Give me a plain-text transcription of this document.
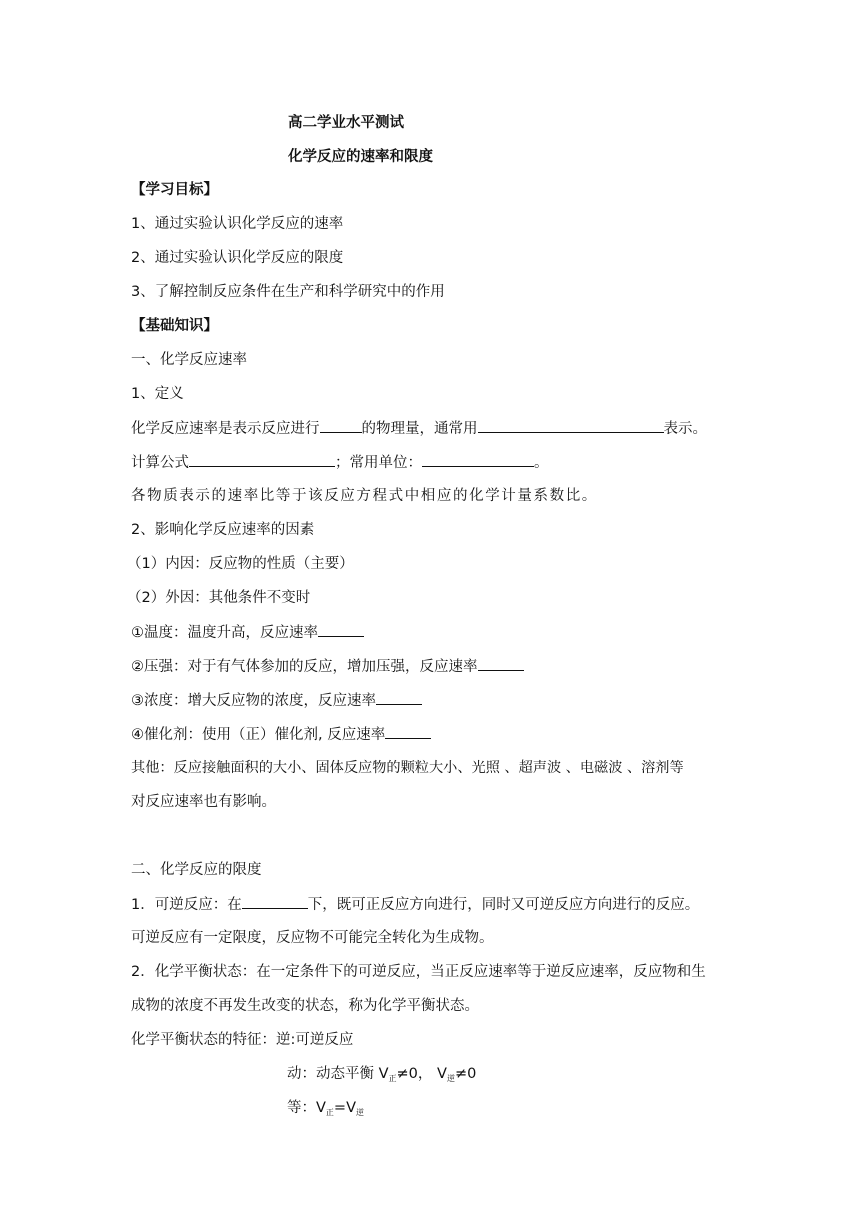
高二学业水平测试
化学反应的速率和限度
【学习目标】
1、通过实验认识化学反应的速率
2、通过实验认识化学反应的限度
3、了解控制反应条件在生产和科学研究中的作用
【基础知识】
一、化学反应速率
1、定义
化学反应速率是表示反应进行	的物理量，通常用	表示。
计算公式	；常用单位：	。
各物质表示的速率比等于该反应方程式中相应的化学计量系数比。
2、影响化学反应速率的因素
（1）内因：反应物的性质（主要）
（2）外因：其他条件不变时
①温度：温度升高，反应速率
②压强：对于有气体参加的反应，增加压强，反应速率
③浓度：增大反应物的浓度，反应速率
④催化剂：使用（正）催化剂, 反应速率
其他：反应接触面积的大小、固体反应物的颗粒大小、光照 、超声波 、电磁波 、溶剂等
对反应速率也有影响。
二、化学反应的限度
1．可逆反应：在	下，既可正反应方向进行，同时又可逆反应方向进行的反应。
可逆反应有一定限度，反应物不可能完全转化为生成物。
2．化学平衡状态：在一定条件下的可逆反应，当正反应速率等于逆反应速率，反应物和生
成物的浓度不再发生改变的状态，称为化学平衡状态。
化学平衡状态的特征：逆:可逆反应
动：动态平衡 $V_正\ne 0$， $V_逆\ne 0$
等：$V_正=V_逆$
